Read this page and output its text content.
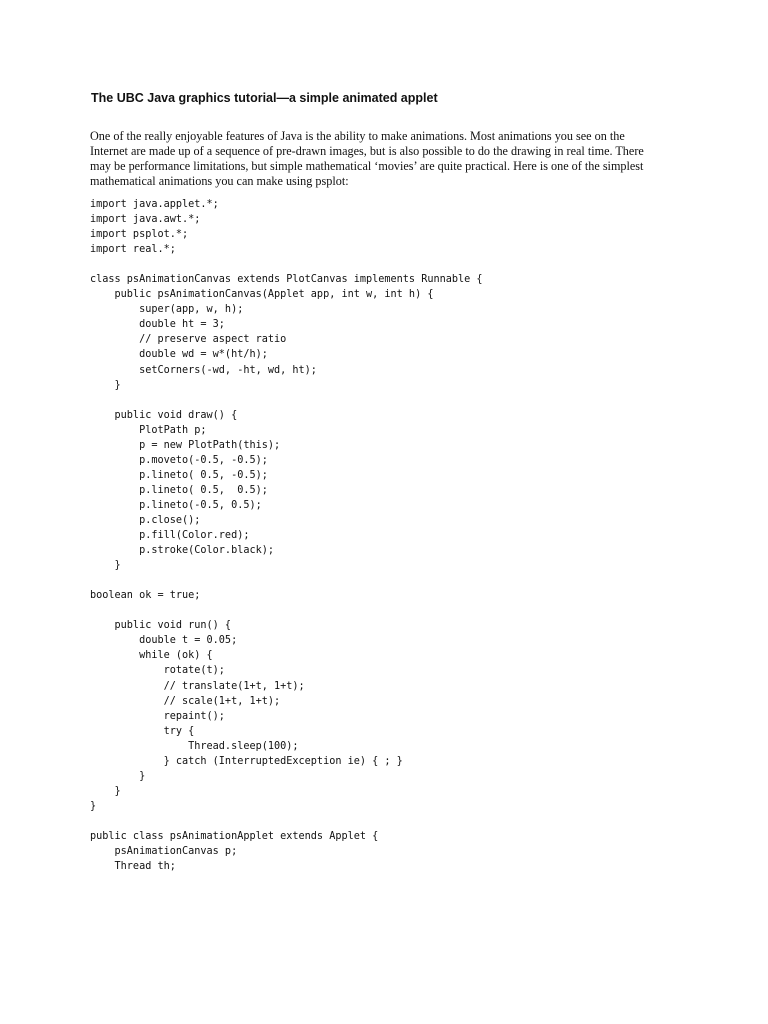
The UBC Java graphics tutorial—a simple animated applet

One of the really enjoyable features of Java is the ability to make animations. Most animations you see on the
Internet are made up of a sequence of pre-drawn images, but is also possible to do the drawing in real time. There
may be performance limitations, but simple mathematical ‘movies’ are quite practical. Here is one of the simplest
mathematical animations you can make using psplot:

import java.applet.*;
import java.awt.*;
import psplot.*;
import real.*;
class psAnimationCanvas extends PlotCanvas implements Runnable {
public psAnimationCanvas(Applet app, int w, int h) {
super(app, w, h);
double ht = 3;
// preserve aspect ratio
double wd = w*(ht/h);
setCorners(-wd, -ht, wd, ht);
}
public void draw() {
PlotPath p;
p = new PlotPath(this);
p.moveto(-0.5, -0.5);
p.lineto( 0.5, -0.5);
p.lineto( 0.5,  0.5);
p.lineto(-0.5, 0.5);
p.close();
p.fill(Color.red);
p.stroke(Color.black);
}
boolean ok = true;
public void run() {
double t = 0.05;
while (ok) {
rotate(t);
// translate(1+t, 1+t);
// scale(1+t, 1+t);
repaint();
try {
Thread.sleep(100);
} catch (InterruptedException ie) { ; }
}
}
}
public class psAnimationApplet extends Applet {
psAnimationCanvas p;
Thread th;
